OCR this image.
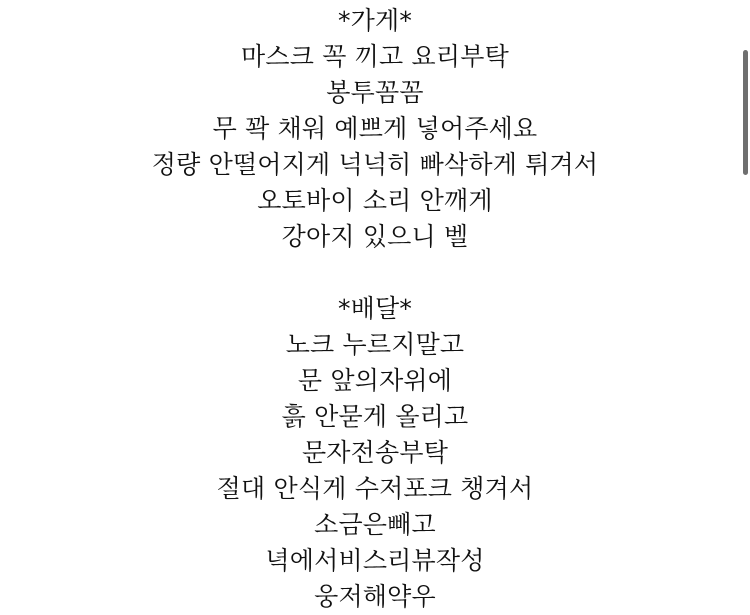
*가게*
마스크 꼭 끼고 요리부탁
봉투꼼꼼
무 꽉 채워 예쁘게 넣어주세요
정량 안떨어지게 넉넉히 빠삭하게 튀겨서
오토바이 소리 안깨게
강아지 있으니 벨
*배달*
노크 누르지말고
문 앞의자위에
흙 안묻게 올리고
문자전송부탁
절대 안식게 수저포크 챙겨서
소금은빼고
녁에서비스리뷰작성
웅저해약우
